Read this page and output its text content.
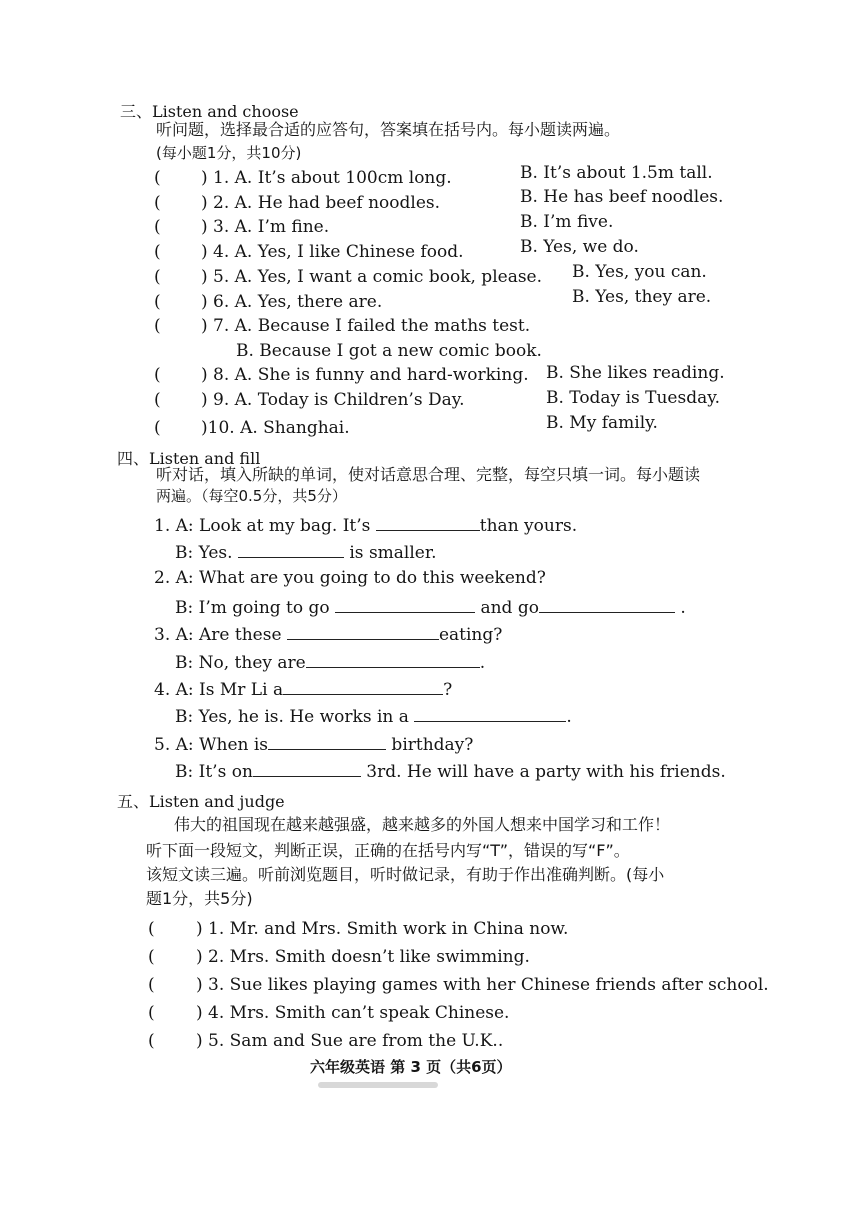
三、Listen and choose
听问题，选择最合适的应答句，答案填在括号内。每小题读两遍。
(每小题1分，共10分)
( ) 1. A. It’s about 100cm long.	B. It’s about 1.5m tall.
( ) 2. A. He had beef noodles.	B. He has beef noodles.
( ) 3. A. I’m fine.	B. I’m five.
( ) 4. A. Yes, I like Chinese food.	B. Yes, we do.
( ) 5. A. Yes, I want a comic book, please. B. Yes, you can.
( ) 6. A. Yes, there are.	B. Yes, they are.
( ) 7. A. Because I failed the maths test.
B. Because I got a new comic book.
( ) 8. A. She is funny and hard-working. B. She likes reading.
( ) 9. A. Today is Children’s Day.	B. Today is Tuesday.
( )10. A. Shanghai.	B. My family.
四、Listen and fill
听对话，填入所缺的单词，使对话意思合理、完整，每空只填一词。每小题读
两遍。（每空0.5分，共5分）
1. A: Look at my bag. It’s	than yours.
B: Yes.	is smaller.
2. A: What are you going to do this weekend?
B: I’m going to go	and go	.
3. A: Are these	eating?
B: No, they are	.
4. A: Is Mr Li a	?
B: Yes, he is. He works in a	.
5. A: When is	birthday?
B: It’s on	3rd. He will have a party with his friends.
五、Listen and judge
伟大的祖国现在越来越强盛，越来越多的外国人想来中国学习和工作！
听下面一段短文，判断正误，正确的在括号内写“T”，错误的写“F”。
该短文读三遍。听前浏览题目，听时做记录，有助于作出准确判断。(每小
题1分，共5分)
( ) 1. Mr. and Mrs. Smith work in China now.
( ) 2. Mrs. Smith doesn’t like swimming.
( ) 3. Sue likes playing games with her Chinese friends after school.
( ) 4. Mrs. Smith can’t speak Chinese.
( ) 5. Sam and Sue are from the U.K..
六年级英语 第 3 页（共6页）
